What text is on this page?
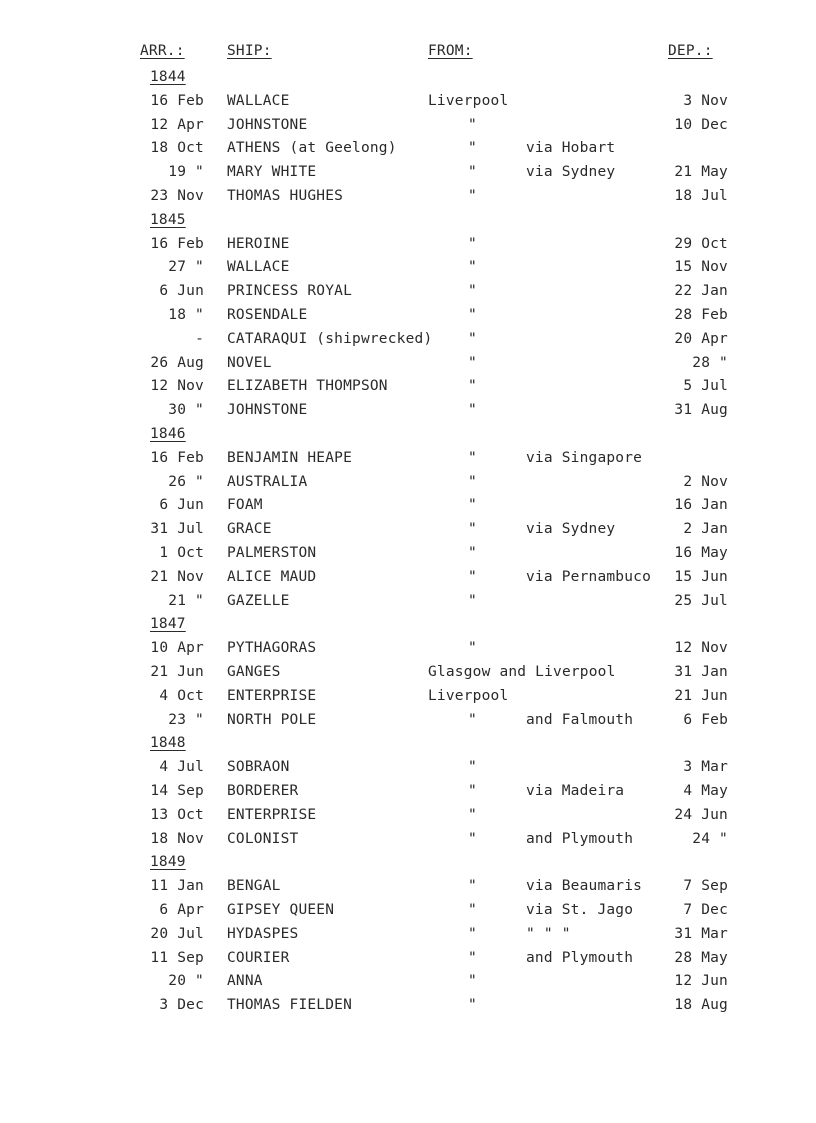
ARR.:	SHIP:	FROM:	DEP.:
1844
16 Feb WALLACE	Liverpool	3 Nov
12 Apr JOHNSTONE	"	10 Dec
18 Oct ATHENS (at Geelong)	"	via Hobart
19 " MARY WHITE	"	via Sydney	21 May
23 Nov THOMAS HUGHES	"	18 Jul
1845
16 Feb HEROINE	"	29 Oct
27 " WALLACE	"	15 Nov
6 Jun PRINCESS ROYAL	"	22 Jan
18 " ROSENDALE	"	28 Feb
- CATARAQUI (shipwrecked) "	20 Apr
26 Aug NOVEL	"	28 "
12 Nov ELIZABETH THOMPSON	"	5 Jul
30 " JOHNSTONE	"	31 Aug
1846
16 Feb BENJAMIN HEAPE	"	via Singapore
26 " AUSTRALIA	"	2 Nov
6 Jun FOAM	"	16 Jan
31 Jul GRACE	"	via Sydney	2 Jan
1 Oct PALMERSTON	"	16 May
21 Nov ALICE MAUD	"	via Pernambuco	15 Jun
21 " GAZELLE	"	25 Jul
1847
10 Apr PYTHAGORAS	"	12 Nov
21 Jun GANGES	Glasgow and Liverpool	31 Jan
4 Oct ENTERPRISE	Liverpool	21 Jun
23 " NORTH POLE	"	and Falmouth	6 Feb
1848
4 Jul SOBRAON	"	3 Mar
14 Sep BORDERER	"	via Madeira	4 May
13 Oct ENTERPRISE	"	24 Jun
18 Nov COLONIST	"	and Plymouth	24 "
1849
11 Jan BENGAL	"	via Beaumaris	7 Sep
6 Apr GIPSEY QUEEN	"	via St. Jago	7 Dec
20 Jul HYDASPES	"	" " "	31 Mar
11 Sep COURIER	"	and Plymouth	28 May
20 " ANNA	"	12 Jun
3 Dec THOMAS FIELDEN	"	18 Aug
